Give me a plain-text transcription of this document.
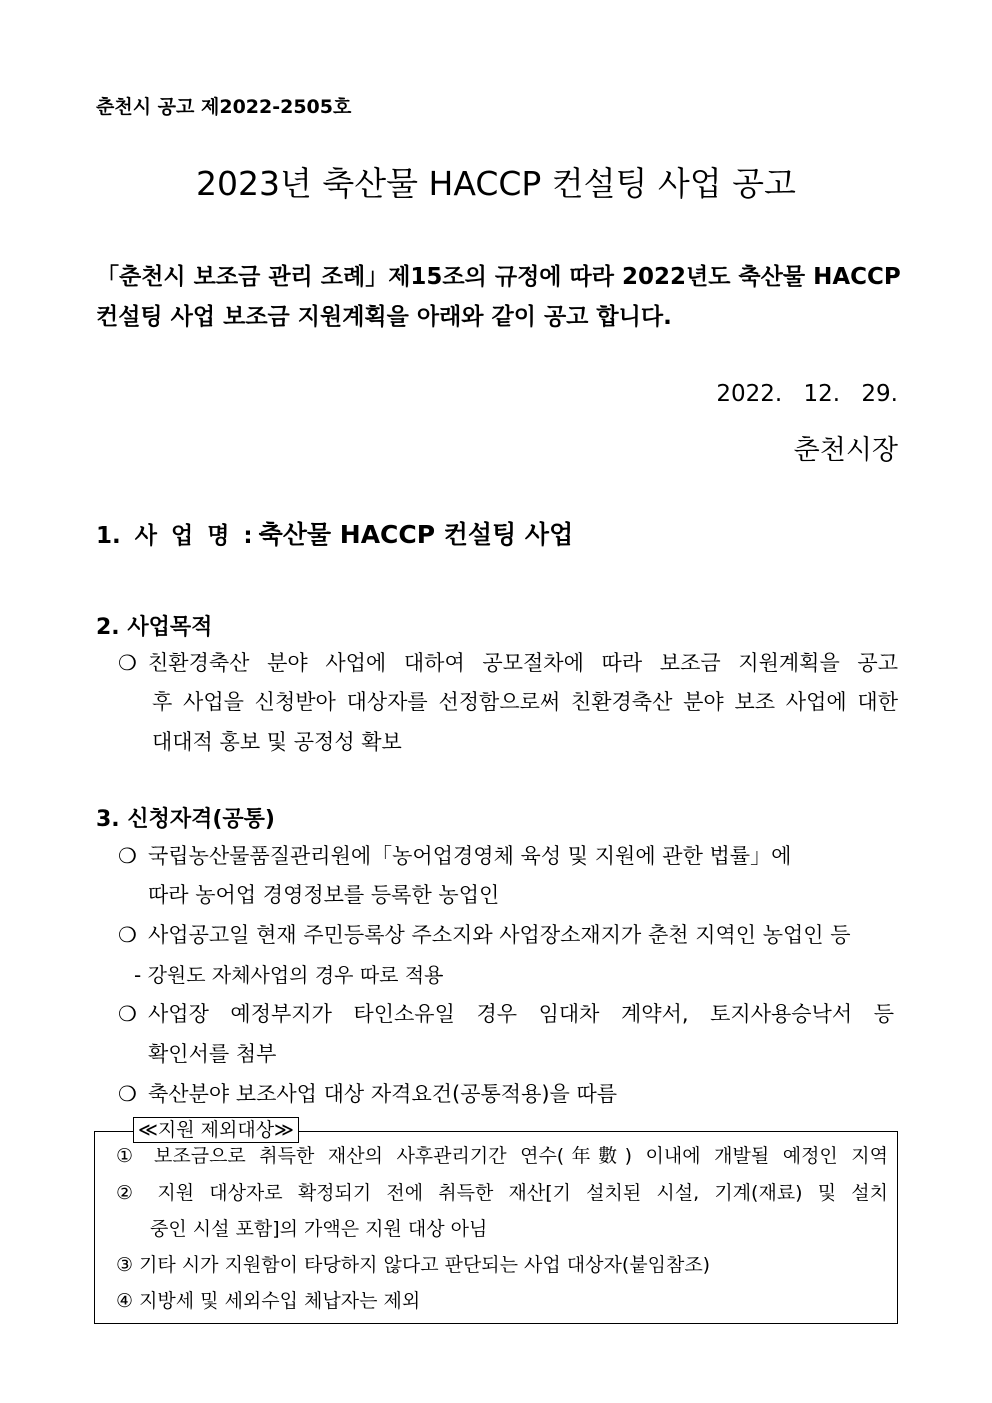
춘천시 공고 제2022-2505호
2023년 축산물 HACCP 컨설팅 사업 공고
「춘천시 보조금 관리 조례」제15조의 규정에 따라 2022년도 축산물 HACCP
컨설팅 사업 보조금 지원계획을 아래와 같이 공고 합니다.
2022. 12. 29.
춘천시장
1. 사 업 명 : 축산물 HACCP 컨설팅 사업
2. 사업목적
❍ 친환경축산 분야 사업에 대하여 공모절차에 따라 보조금 지원계획을 공고
후 사업을 신청받아 대상자를 선정함으로써 친환경축산 분야 보조 사업에 대한
대대적 홍보 및 공정성 확보
3. 신청자격(공통)
❍ 국립농산물품질관리원에「농어업경영체 육성 및 지원에 관한 법률」에
따라 농어업 경영정보를 등록한 농업인
❍ 사업공고일 현재 주민등록상 주소지와 사업장소재지가 춘천 지역인 농업인 등
- 강원도 자체사업의 경우 따로 적용
❍ 사업장 예정부지가 타인소유일 경우 임대차 계약서, 토지사용승낙서 등
확인서를 첨부
❍ 축산분야 보조사업 대상 자격요건(공통적용)을 따름
≪지원 제외대상≫
① 보조금으로 취득한 재산의 사후관리기간 연수(年數) 이내에 개발될 예정인 지역
② 지원 대상자로 확정되기 전에 취득한 재산[기 설치된 시설, 기계(재료) 및 설치
중인 시설 포함]의 가액은 지원 대상 아님
③ 기타 시가 지원함이 타당하지 않다고 판단되는 사업 대상자(붙임참조)
④ 지방세 및 세외수입 체납자는 제외
